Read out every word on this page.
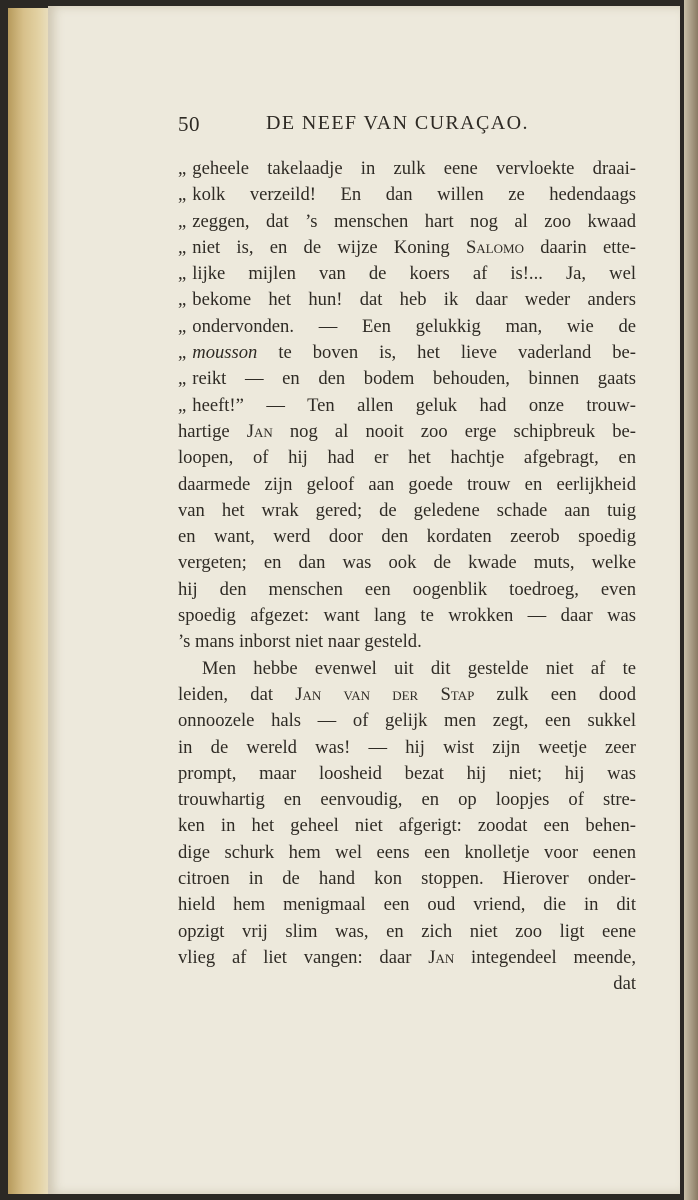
50	DE NEEF VAN CURAÇAO.
„ geheele takelaadje in zulk eene vervloekte draai-
„ kolk verzeild! En dan willen ze hedendaags
„ zeggen, dat ’s menschen hart nog al zoo kwaad
„ niet is, en de wijze Koning Salomo daarin ette-
„ lijke mijlen van de koers af is!... Ja, wel
„ bekome het hun! dat heb ik daar weder anders
„ ondervonden. — Een gelukkig man, wie de
„ mousson te boven is, het lieve vaderland be-
„ reikt — en den bodem behouden, binnen gaats
„ heeft!” — Ten allen geluk had onze trouw-
hartige Jan nog al nooit zoo erge schipbreuk be-
loopen, of hij had er het hachtje afgebragt, en
daarmede zijn geloof aan goede trouw en eerlijkheid
van het wrak gered; de geledene schade aan tuig
en want, werd door den kordaten zeerob spoedig
vergeten; en dan was ook de kwade muts, welke
hij den menschen een oogenblik toedroeg, even
spoedig afgezet: want lang te wrokken — daar was
’s mans inborst niet naar gesteld.
Men hebbe evenwel uit dit gestelde niet af te
leiden, dat Jan van der Stap zulk een dood
onnoozele hals — of gelijk men zegt, een sukkel
in de wereld was! — hij wist zijn weetje zeer
prompt, maar loosheid bezat hij niet; hij was
trouwhartig en eenvoudig, en op loopjes of stre-
ken in het geheel niet afgerigt: zoodat een behen-
dige schurk hem wel eens een knolletje voor eenen
citroen in de hand kon stoppen. Hierover onder-
hield hem menigmaal een oud vriend, die in dit
opzigt vrij slim was, en zich niet zoo ligt eene
vlieg af liet vangen: daar Jan integendeel meende,
dat
